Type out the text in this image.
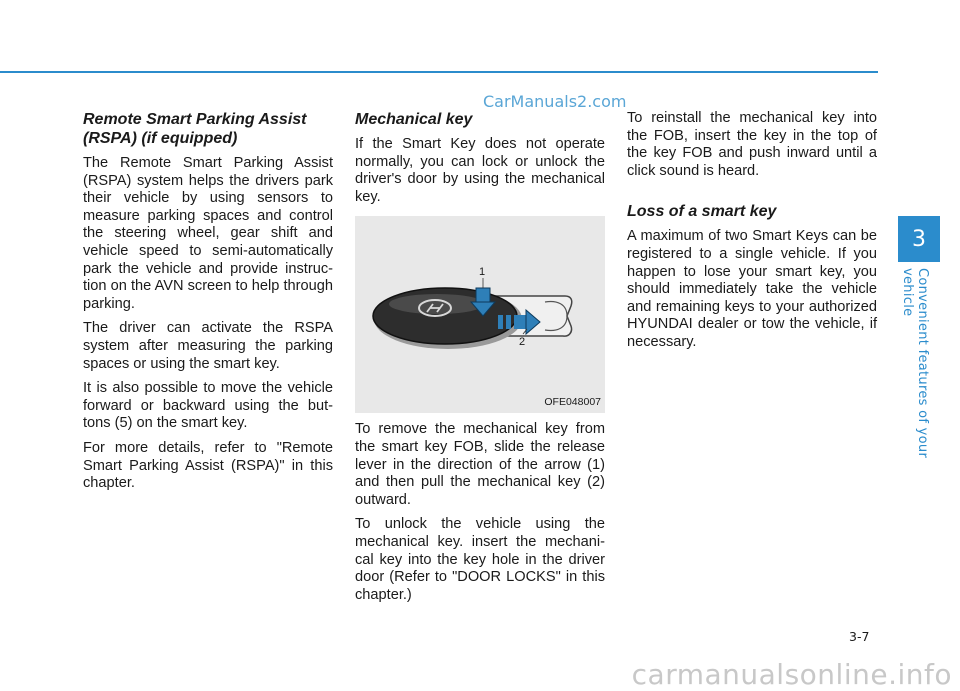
CarManuals2.com
Remote Smart Parking Assist
(RSPA) (if equipped)

The Remote Smart Parking Assist (RSPA) system helps the drivers park their vehicle by using sensors to measure parking spaces and control the steering wheel, gear shift and vehicle speed to semi-automatically park the vehicle and provide instruc-tion on the AVN screen to help through parking.

The driver can activate the RSPA system after measuring the parking spaces or using the smart key.

It is also possible to move the vehicle forward or backward using the but-tons (5) on the smart key.

For more details, refer to "Remote Smart Parking Assist (RSPA)" in this chapter.

Mechanical key

If the Smart Key does not operate normally, you can lock or unlock the driver's door by using the mechanical key.

1
2
OFE048007

To remove the mechanical key from the smart key FOB, slide the release lever in the direction of the arrow (1) and then pull the mechanical key (2) outward.

To unlock the vehicle using the mechanical key. insert the mechani-cal key into the key hole in the driver door (Refer to "DOOR LOCKS" in this chapter.)

To reinstall the mechanical key into the FOB, insert the key in the top of the key FOB and push inward until a click sound is heard.

Loss of a smart key

A maximum of two Smart Keys can be registered to a single vehicle. If you happen to lose your smart key, you should immediately take the vehicle and remaining keys to your authorized HYUNDAI dealer or tow the vehicle, if necessary.

3
Convenient features of your vehicle
3-7
carmanualsonline.info
